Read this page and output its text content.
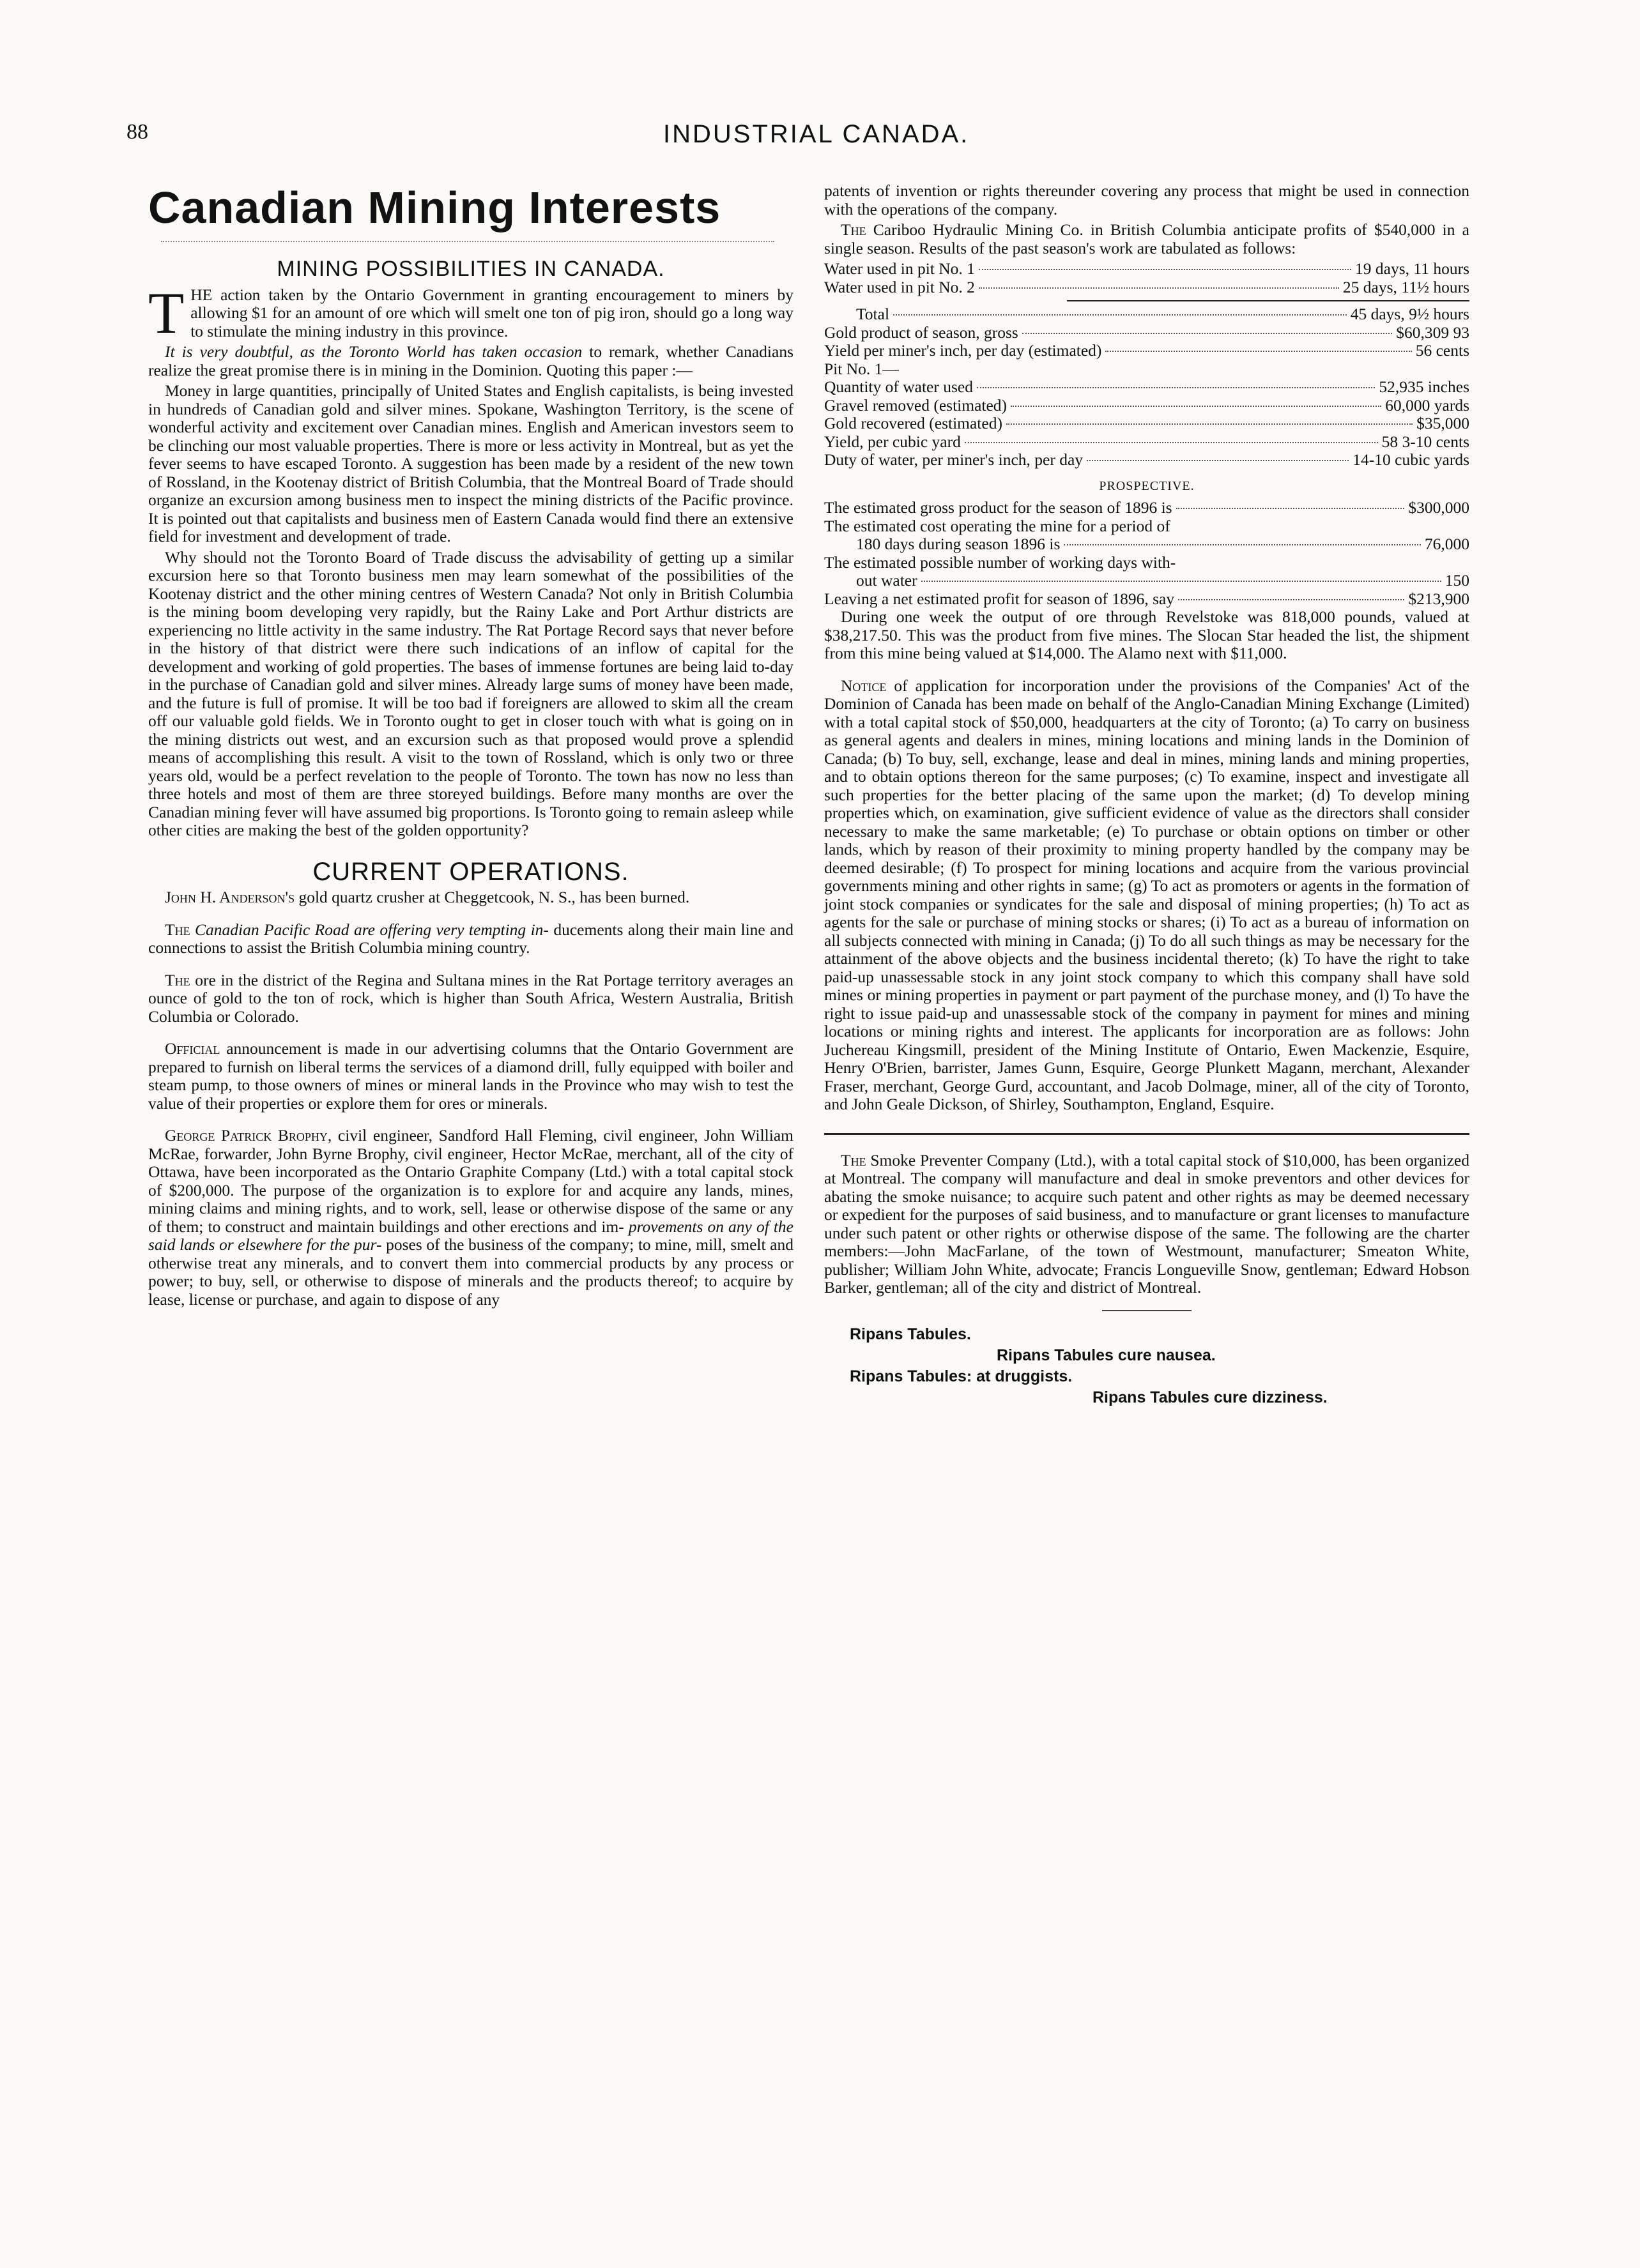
88	INDUSTRIAL CANADA.
Canadian Mining Interests
MINING POSSIBILITIES IN CANADA.

THE action taken by the Ontario Government in granting encouragement to miners by allowing $1 for an amount of ore which will smelt one ton of pig iron, should go a long way to stimulate the mining industry in this province.

It is very doubtful, as the Toronto World has taken occasion to remark, whether Canadians realize the great promise there is in mining in the Dominion. Quoting this paper :—

Money in large quantities, principally of United States and English capitalists, is being invested in hundreds of Canadian gold and silver mines. Spokane, Washington Territory, is the scene of wonderful activity and excitement over Canadian mines. English and American investors seem to be clinching our most valuable properties. There is more or less activity in Montreal, but as yet the fever seems to have escaped Toronto. A suggestion has been made by a resident of the new town of Rossland, in the Kootenay district of British Columbia, that the Montreal Board of Trade should organize an excursion among business men to inspect the mining districts of the Pacific province. It is pointed out that capitalists and business men of Eastern Canada would find there an extensive field for investment and development of trade.

Why should not the Toronto Board of Trade discuss the advisability of getting up a similar excursion here so that Toronto business men may learn somewhat of the possibilities of the Kootenay district and the other mining centres of Western Canada? Not only in British Columbia is the mining boom developing very rapidly, but the Rainy Lake and Port Arthur districts are experiencing no little activity in the same industry. The Rat Portage Record says that never before in the history of that district were there such indications of an inflow of capital for the development and working of gold properties. The bases of immense fortunes are being laid to-day in the purchase of Canadian gold and silver mines. Already large sums of money have been made, and the future is full of promise. It will be too bad if foreigners are allowed to skim all the cream off our valuable gold fields. We in Toronto ought to get in closer touch with what is going on in the mining districts out west, and an excursion such as that proposed would prove a splendid means of accomplishing this result. A visit to the town of Rossland, which is only two or three years old, would be a perfect revelation to the people of Toronto. The town has now no less than three hotels and most of them are three storeyed buildings. Before many months are over the Canadian mining fever will have assumed big proportions. Is Toronto going to remain asleep while other cities are making the best of the golden opportunity?

CURRENT OPERATIONS.

John H. Anderson's gold quartz crusher at Cheggetcook, N. S., has been burned.

The Canadian Pacific Road are offering very tempting in- ducements along their main line and connections to assist the British Columbia mining country.

The ore in the district of the Regina and Sultana mines in the Rat Portage territory averages an ounce of gold to the ton of rock, which is higher than South Africa, Western Australia, British Columbia or Colorado.

Official announcement is made in our advertising columns that the Ontario Government are prepared to furnish on liberal terms the services of a diamond drill, fully equipped with boiler and steam pump, to those owners of mines or mineral lands in the Province who may wish to test the value of their properties or explore them for ores or minerals.

George Patrick Brophy, civil engineer, Sandford Hall Fleming, civil engineer, John William McRae, forwarder, John Byrne Brophy, civil engineer, Hector McRae, merchant, all of the city of Ottawa, have been incorporated as the Ontario Graphite Company (Ltd.) with a total capital stock of $200,000. The purpose of the organization is to explore for and acquire any lands, mines, mining claims and mining rights, and to work, sell, lease or otherwise dispose of the same or any of them; to construct and maintain buildings and other erections and im- provements on any of the said lands or elsewhere for the pur- poses of the business of the company; to mine, mill, smelt and otherwise treat any minerals, and to convert them into commercial products by any process or power; to buy, sell, or otherwise to dispose of minerals and the products thereof; to acquire by lease, license or purchase, and again to dispose of any

patents of invention or rights thereunder covering any process that might be used in connection with the operations of the company.

The Cariboo Hydraulic Mining Co. in British Columbia anticipate profits of $540,000 in a single season. Results of the past season's work are tabulated as follows:

Water used in pit No. 1	19 days, 11 hours
Water used in pit No. 2	25 days, 11½ hours
Total	45 days, 9½ hours
Gold product of season, gross	$60,309 93
Yield per miner's inch, per day (estimated)	56 cents
Pit No. 1—
Quantity of water used	52,935 inches
Gravel removed (estimated)	60,000 yards
Gold recovered (estimated)	$35,000
Yield, per cubic yard	58 3-10 cents
Duty of water, per miner's inch, per day	14-10 cubic yards
PROSPECTIVE.
The estimated gross product for the season of 1896 is	$300,000
The estimated cost operating the mine for a period of
180 days during season 1896 is	76,000
The estimated possible number of working days with-
out water	150
Leaving a net estimated profit for season of 1896, say	$213,900

During one week the output of ore through Revelstoke was 818,000 pounds, valued at $38,217.50. This was the product from five mines. The Slocan Star headed the list, the shipment from this mine being valued at $14,000. The Alamo next with $11,000.

Notice of application for incorporation under the provisions of the Companies' Act of the Dominion of Canada has been made on behalf of the Anglo-Canadian Mining Exchange (Limited) with a total capital stock of $50,000, headquarters at the city of Toronto; (a) To carry on business as general agents and dealers in mines, mining locations and mining lands in the Dominion of Canada; (b) To buy, sell, exchange, lease and deal in mines, mining lands and mining properties, and to obtain options thereon for the same purposes; (c) To examine, inspect and investigate all such properties for the better placing of the same upon the market; (d) To develop mining properties which, on examination, give sufficient evidence of value as the directors shall consider necessary to make the same marketable; (e) To purchase or obtain options on timber or other lands, which by reason of their proximity to mining property handled by the company may be deemed desirable; (f) To prospect for mining locations and acquire from the various provincial governments mining and other rights in same; (g) To act as promoters or agents in the formation of joint stock companies or syndicates for the sale and disposal of mining properties; (h) To act as agents for the sale or purchase of mining stocks or shares; (i) To act as a bureau of information on all subjects connected with mining in Canada; (j) To do all such things as may be necessary for the attainment of the above objects and the business incidental thereto; (k) To have the right to take paid-up unassessable stock in any joint stock company to which this company shall have sold mines or mining properties in payment or part payment of the purchase money, and (l) To have the right to issue paid-up and unassessable stock of the company in payment for mines and mining locations or mining rights and interest. The applicants for incorporation are as follows: John Juchereau Kingsmill, president of the Mining Institute of Ontario, Ewen Mackenzie, Esquire, Henry O'Brien, barrister, James Gunn, Esquire, George Plunkett Magann, merchant, Alexander Fraser, merchant, George Gurd, accountant, and Jacob Dolmage, miner, all of the city of Toronto, and John Geale Dickson, of Shirley, Southampton, England, Esquire.

The Smoke Preventer Company (Ltd.), with a total capital stock of $10,000, has been organized at Montreal. The company will manufacture and deal in smoke preventors and other devices for abating the smoke nuisance; to acquire such patent and other rights as may be deemed necessary or expedient for the purposes of said business, and to manufacture or grant licenses to manufacture under such patent or other rights or otherwise dispose of the same. The following are the charter members:—John MacFarlane, of the town of Westmount, manufacturer; Smeaton White, publisher; William John White, advocate; Francis Longueville Snow, gentleman; Edward Hobson Barker, gentleman; all of the city and district of Montreal.

Ripans Tabules.
Ripans Tabules cure nausea.
Ripans Tabules: at druggists.
Ripans Tabules cure dizziness.
